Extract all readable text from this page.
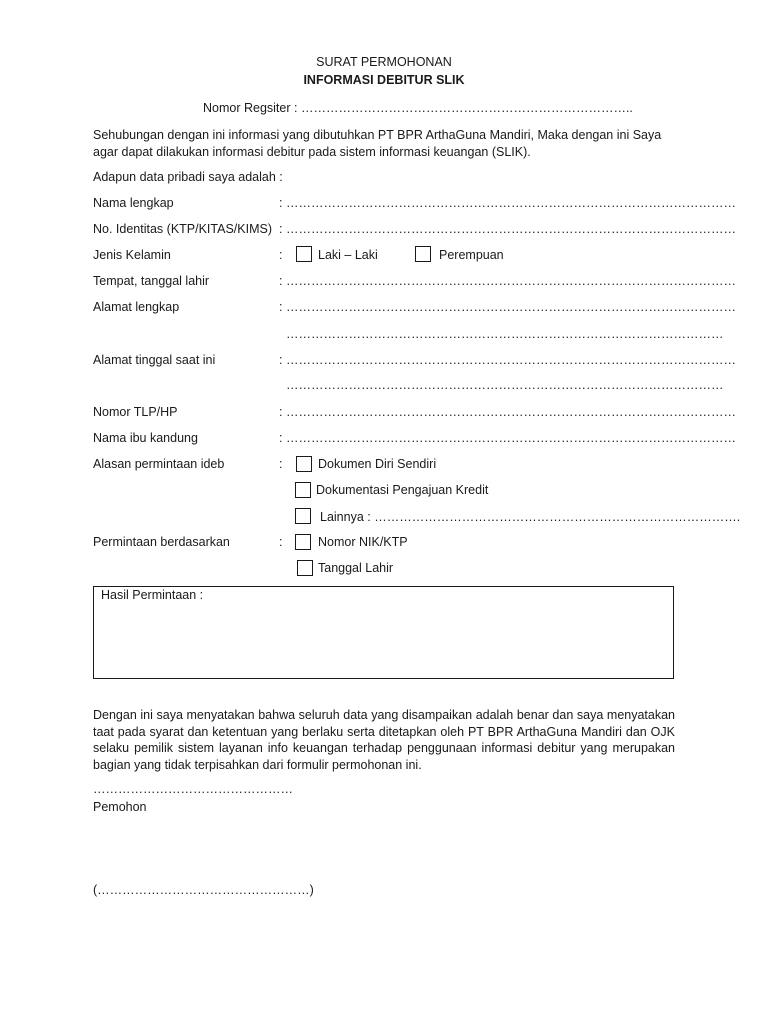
SURAT PERMOHONAN
INFORMASI DEBITUR SLIK
Nomor Regsiter : ……………………………………………………………………..
Sehubungan dengan ini informasi yang dibutuhkan PT BPR ArthaGuna Mandiri, Maka dengan ini Saya agar dapat dilakukan informasi debitur pada sistem informasi keuangan (SLIK).
Adapun data pribadi saya adalah :
Nama lengkap	: ………………………………………………………………………………………………
No. Identitas (KTP/KITAS/KIMS) : ………………………………………………………………………………………………
Jenis Kelamin	:	Laki – Laki	Perempuan
Tempat, tanggal lahir	: ………………………………………………………………………………………………
Alamat lengkap	: ………………………………………………………………………………………………
……………………………………………………………………………………………
Alamat tinggal saat ini	: ………………………………………………………………………………………………
……………………………………………………………………………………………
Nomor TLP/HP	: ………………………………………………………………………………………………
Nama ibu kandung	: ………………………………………………………………………………………………
Alasan permintaan ideb	:	Dokumen Diri Sendiri
Dokumentasi Pengajuan Kredit
Lainnya : …………………………………………………………………………….
Permintaan berdasarkan	:	Nomor NIK/KTP
Tanggal Lahir
Hasil Permintaan :
Dengan ini saya menyatakan bahwa seluruh data yang disampaikan adalah benar dan saya menyatakan taat pada syarat dan ketentuan yang berlaku serta ditetapkan oleh PT BPR ArthaGuna Mandiri dan OJK selaku pemilik sistem layanan info keuangan terhadap penggunaan informasi debitur yang merupakan bagian yang tidak terpisahkan dari formulir permohonan ini.
…………………………………………
Pemohon
(……………………………………………)
